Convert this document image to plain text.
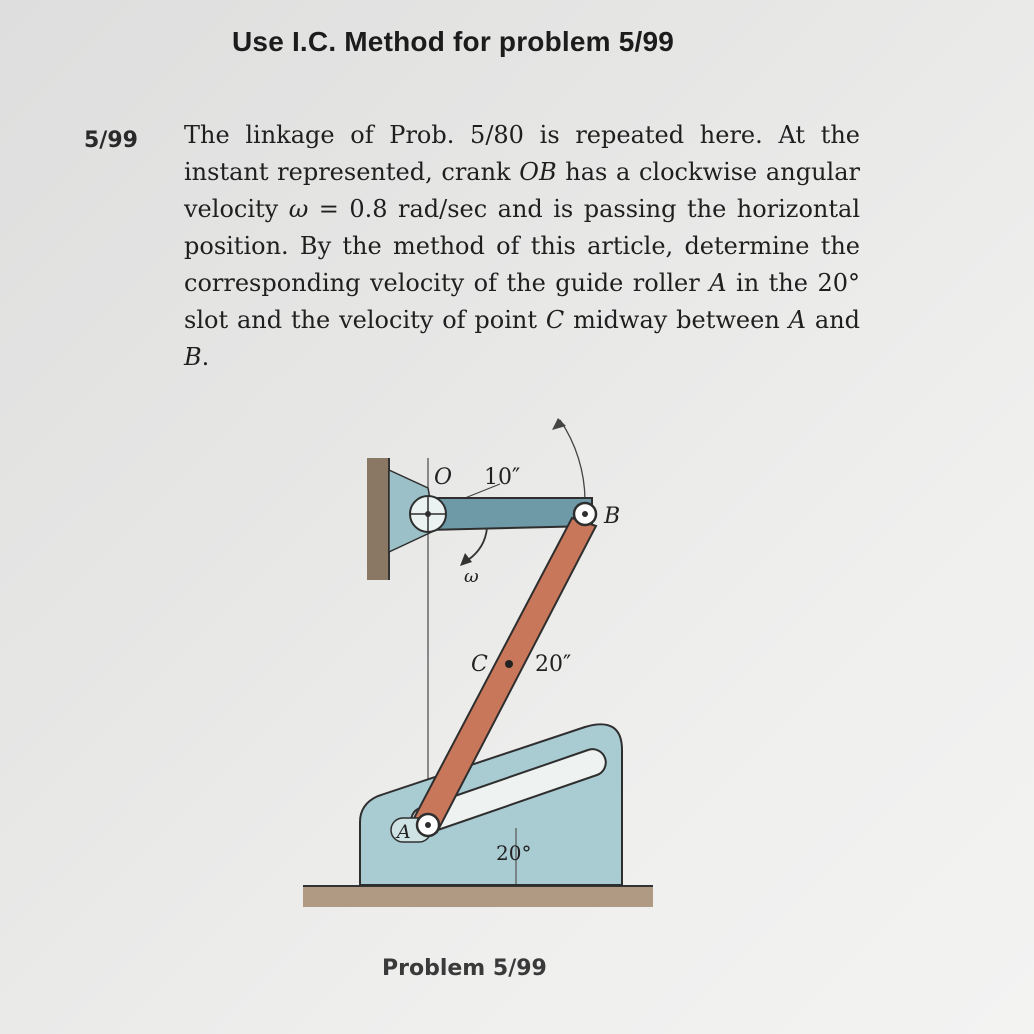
Use I.C. Method for problem 5/99
5/99 The linkage of Prob. 5/80 is repeated here. At the instant represented, crank OB has a clockwise angular velocity ω = 0.8 rad/sec and is passing the horizontal position. By the method of this article, determine the corresponding velocity of the guide roller A in the 20° slot and the velocity of point C midway between A and B.
O 10″
B
ω
C 20″
A
20°
Problem 5/99
